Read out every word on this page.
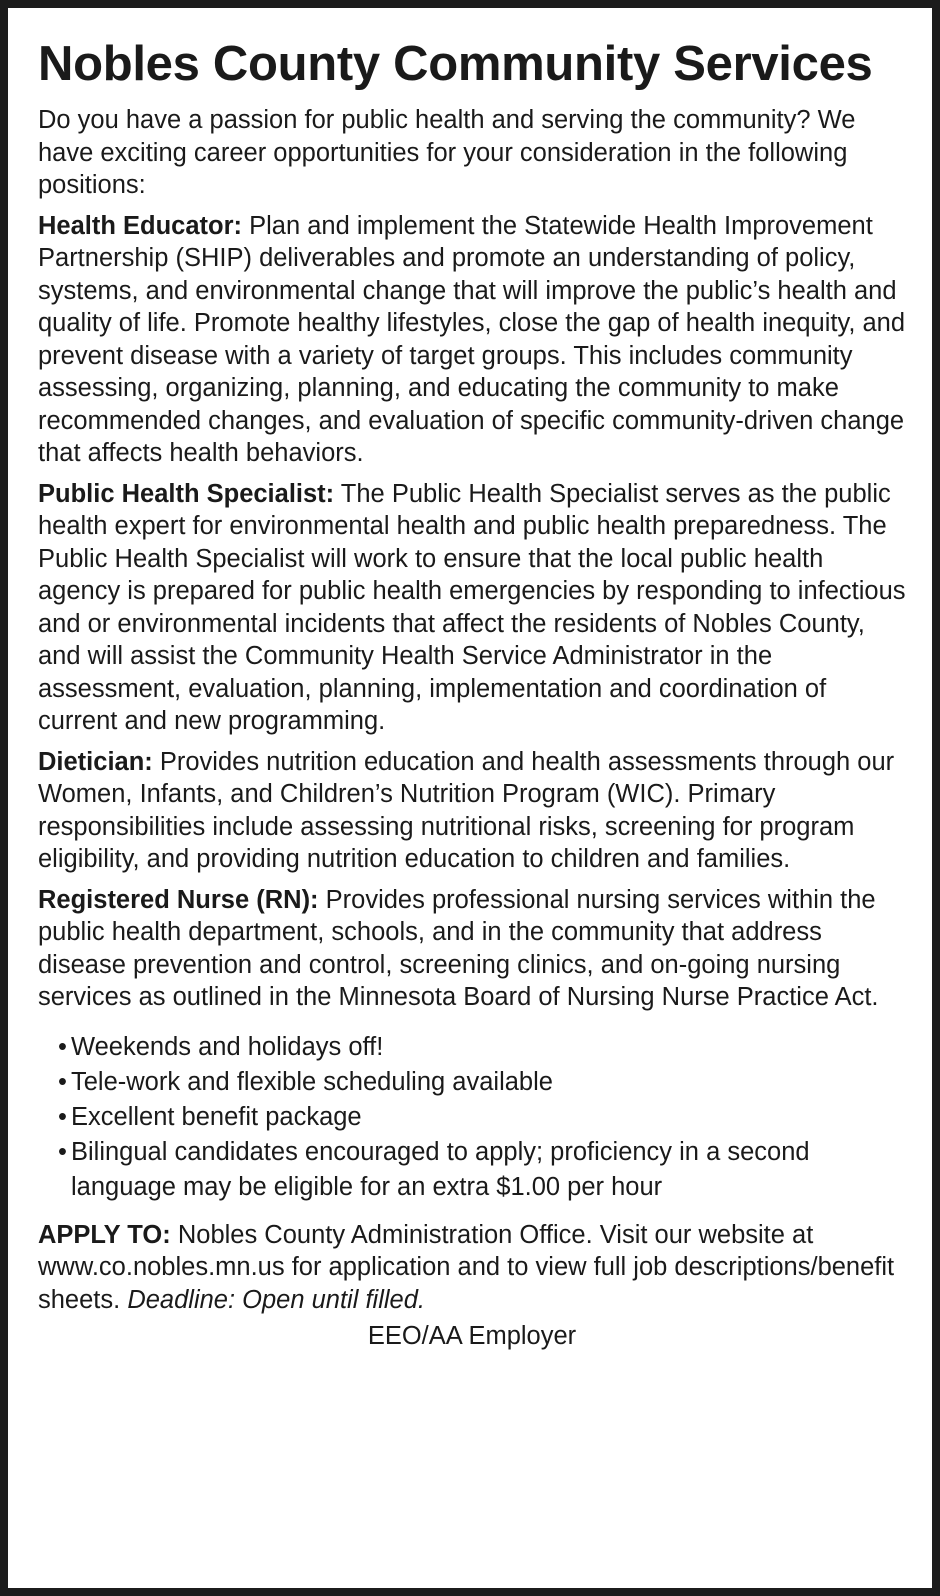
Nobles County Community Services

Do you have a passion for public health and serving the community? We have exciting career opportunities for your consideration in the following positions:

Health Educator: Plan and implement the Statewide Health Improvement Partnership (SHIP) deliverables and promote an understanding of policy, systems, and environmental change that will improve the public’s health and quality of life. Promote healthy lifestyles, close the gap of health inequity, and prevent disease with a variety of target groups. This includes community assessing, organizing, planning, and educating the community to make recommended changes, and evaluation of specific community-driven change that affects health behaviors.

Public Health Specialist: The Public Health Specialist serves as the public health expert for environmental health and public health preparedness. The Public Health Specialist will work to ensure that the local public health agency is prepared for public health emergencies by responding to infectious and or environmental incidents that affect the residents of Nobles County, and will assist the Community Health Service Administrator in the assessment, evaluation, planning, implementation and coordination of current and new programming.

Dietician: Provides nutrition education and health assessments through our Women, Infants, and Children’s Nutrition Program (WIC). Primary responsibilities include assessing nutritional risks, screening for program eligibility, and providing nutrition education to children and families.

Registered Nurse (RN): Provides professional nursing services within the public health department, schools, and in the community that address disease prevention and control, screening clinics, and on-going nursing services as outlined in the Minnesota Board of Nursing Nurse Practice Act.

• Weekends and holidays off!
• Tele-work and flexible scheduling available
• Excellent benefit package
• Bilingual candidates encouraged to apply; proficiency in a second language may be eligible for an extra $1.00 per hour

APPLY TO: Nobles County Administration Office. Visit our website at www.co.nobles.mn.us for application and to view full job descriptions/benefit sheets. Deadline: Open until filled.

EEO/AA Employer
